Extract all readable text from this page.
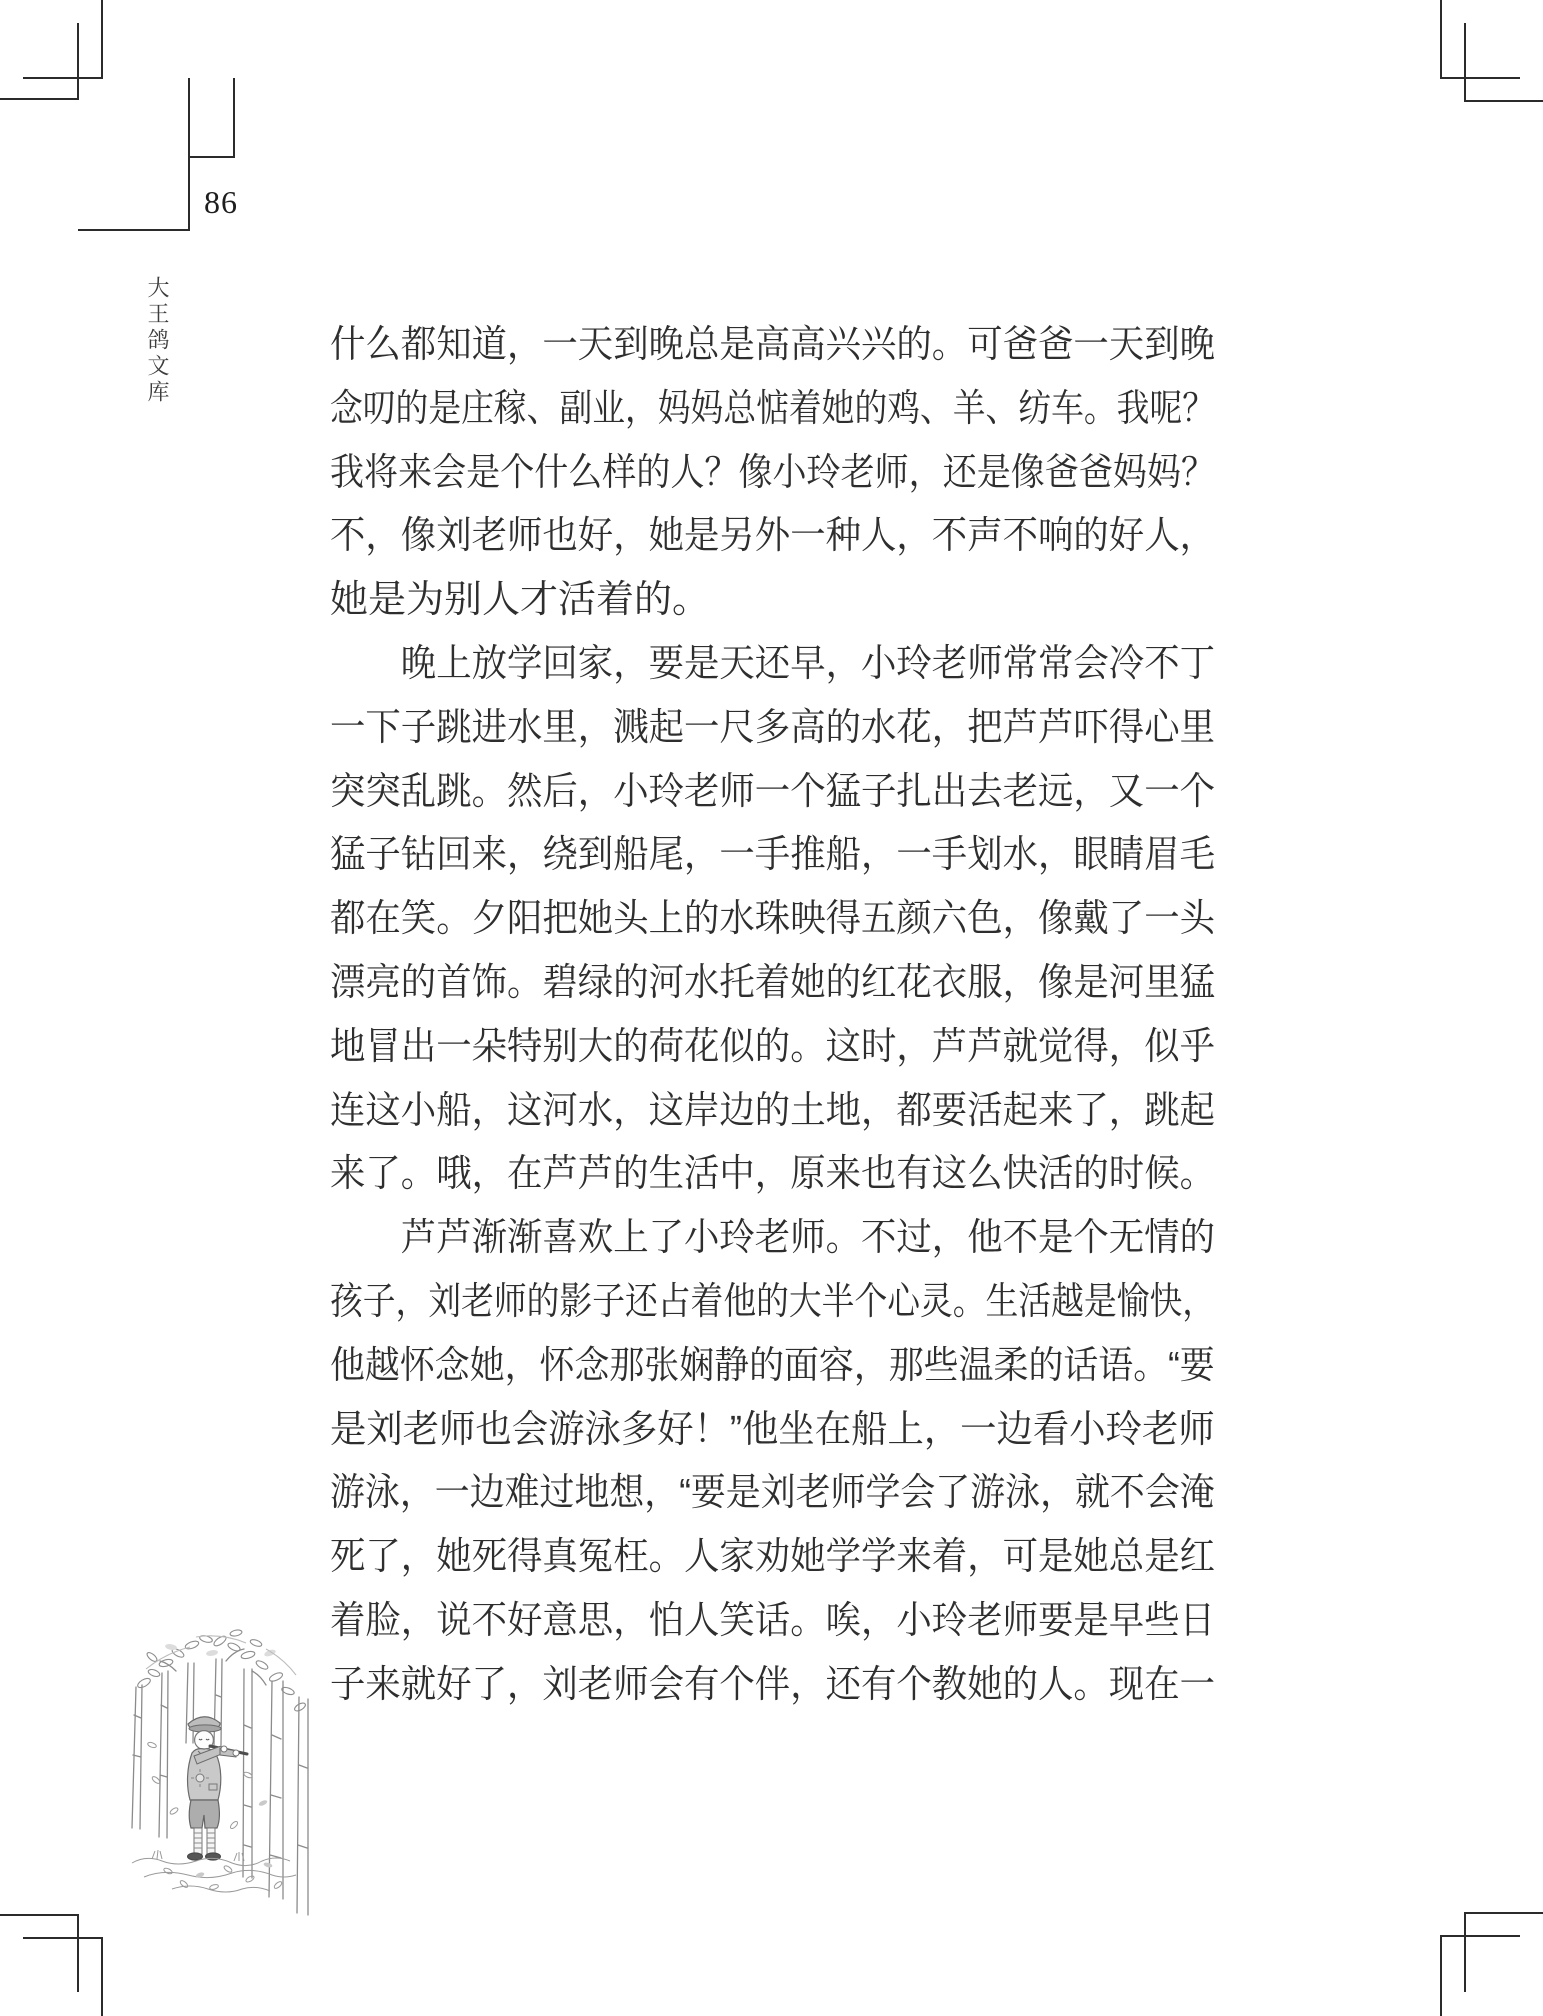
86
大王鸽文库	什么都知道，一天到晚总是高高兴兴的。可爸爸一天到晚
念叨的是庄稼、副业，妈妈总惦着她的鸡、羊、纺车。我呢？
我将来会是个什么样的人？像小玲老师，还是像爸爸妈妈？
不，像刘老师也好，她是另外一种人，不声不响的好人，
她是为别人才活着的。
晚上放学回家，要是天还早，小玲老师常常会冷不丁
一下子跳进水里，溅起一尺多高的水花，把芦芦吓得心里
突突乱跳。然后，小玲老师一个猛子扎出去老远，又一个
猛子钻回来，绕到船尾，一手推船，一手划水，眼睛眉毛
都在笑。夕阳把她头上的水珠映得五颜六色，像戴了一头
漂亮的首饰。碧绿的河水托着她的红花衣服，像是河里猛
地冒出一朵特别大的荷花似的。这时，芦芦就觉得，似乎
连这小船，这河水，这岸边的土地，都要活起来了，跳起
来了。哦，在芦芦的生活中，原来也有这么快活的时候。
芦芦渐渐喜欢上了小玲老师。不过，他不是个无情的
孩子，刘老师的影子还占着他的大半个心灵。生活越是愉快，
他越怀念她，怀念那张娴静的面容，那些温柔的话语。“要
是刘老师也会游泳多好！”他坐在船上，一边看小玲老师
游泳，一边难过地想，“要是刘老师学会了游泳，就不会淹
死了，她死得真冤枉。人家劝她学学来着，可是她总是红
着脸，说不好意思，怕人笑话。唉，小玲老师要是早些日
子来就好了，刘老师会有个伴，还有个教她的人。现在一
